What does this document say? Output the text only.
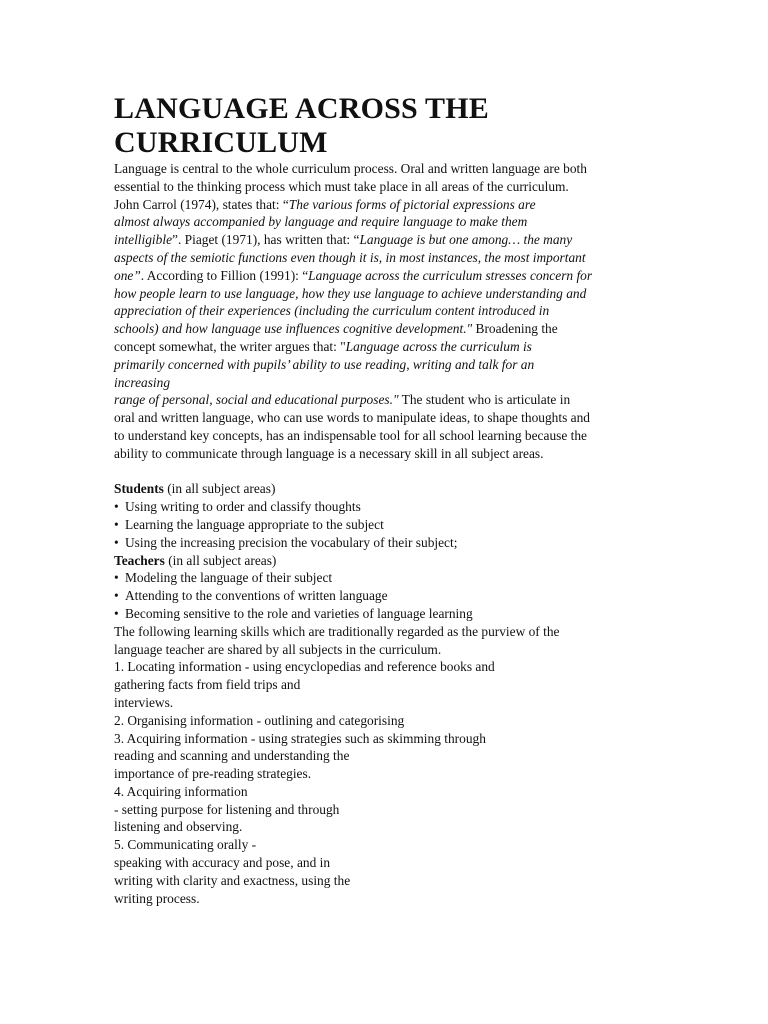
LANGUAGE ACROSS THE
CURRICULUM
Language is central to the whole curriculum process. Oral and written language are both
essential to the thinking process which must take place in all areas of the curriculum.
John Carrol (1974), states that: “The various forms of pictorial expressions are
almost always accompanied by language and require language to make them
intelligible”. Piaget (1971), has written that: “Language is but one among… the many
aspects of the semiotic functions even though it is, in most instances, the most important
one”. According to Fillion (1991): “Language across the curriculum stresses concern for
how people learn to use language, how they use language to achieve understanding and
appreciation of their experiences (including the curriculum content introduced in
schools) and how language use influences cognitive development." Broadening the
concept somewhat, the writer argues that: "Language across the curriculum is
primarily concerned with pupils’ ability to use reading, writing and talk for an
increasing
range of personal, social and educational purposes." The student who is articulate in
oral and written language, who can use words to manipulate ideas, to shape thoughts and
to understand key concepts, has an indispensable tool for all school learning because the
ability to communicate through language is a necessary skill in all subject areas.
Students (in all subject areas)
• Using writing to order and classify thoughts
• Learning the language appropriate to the subject
• Using the increasing precision the vocabulary of their subject;
Teachers (in all subject areas)
• Modeling the language of their subject
• Attending to the conventions of written language
• Becoming sensitive to the role and varieties of language learning
The following learning skills which are traditionally regarded as the purview of the
language teacher are shared by all subjects in the curriculum.
1. Locating information - using encyclopedias and reference books and
gathering facts from field trips and
interviews.
2. Organising information - outlining and categorising
3. Acquiring information - using strategies such as skimming through
reading and scanning and understanding the
importance of pre-reading strategies.
4. Acquiring information
- setting purpose for listening and through
listening and observing.
5. Communicating orally -
speaking with accuracy and pose, and in
writing with clarity and exactness, using the
writing process.
